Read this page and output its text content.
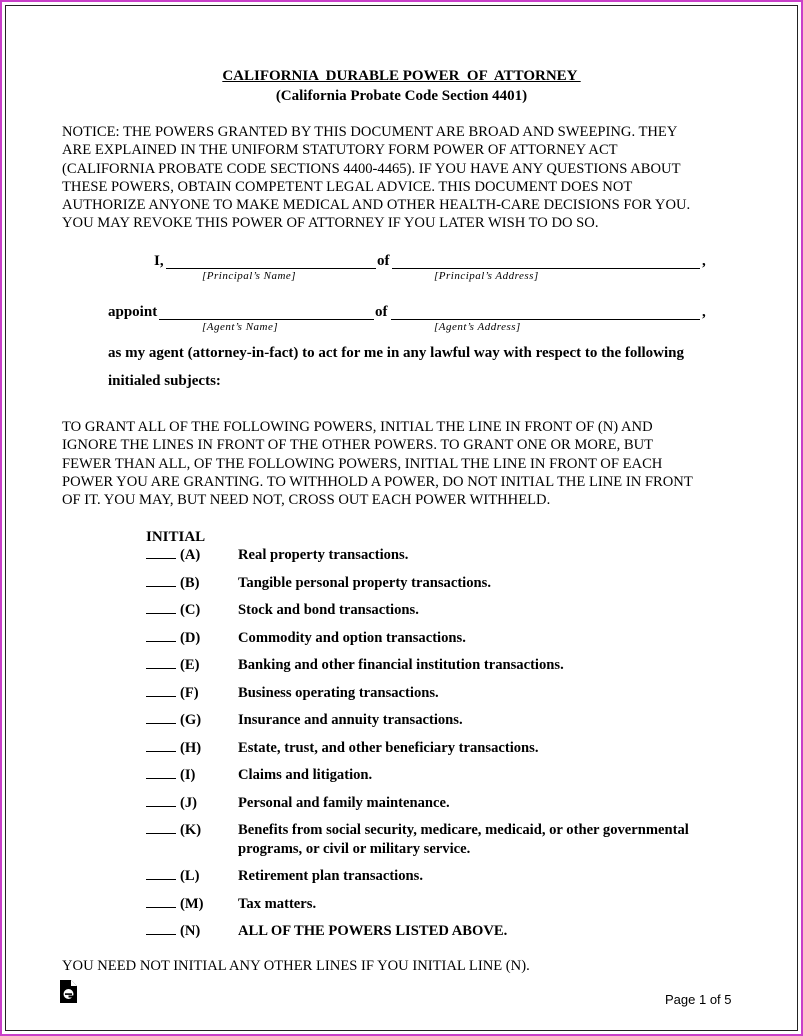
CALIFORNIA  DURABLE POWER  OF  ATTORNEY
(California Probate Code Section 4401)
NOTICE: THE POWERS GRANTED BY THIS DOCUMENT ARE BROAD AND SWEEPING. THEY
ARE EXPLAINED IN THE UNIFORM STATUTORY FORM POWER OF ATTORNEY ACT
(CALIFORNIA PROBATE CODE SECTIONS 4400-4465). IF YOU HAVE ANY QUESTIONS ABOUT
THESE POWERS, OBTAIN COMPETENT LEGAL ADVICE. THIS DOCUMENT DOES NOT
AUTHORIZE ANYONE TO MAKE MEDICAL AND OTHER HEALTH-CARE DECISIONS FOR YOU.
YOU MAY REVOKE THIS POWER OF ATTORNEY IF YOU LATER WISH TO DO SO.
I,	of	,
[Principal’s Name]	[Principal’s Address]
appoint	of	,
[Agent’s Name]	[Agent’s Address]
as my agent (attorney-in-fact) to act for me in any lawful way with respect to the following
initialed subjects:
TO GRANT ALL OF THE FOLLOWING POWERS, INITIAL THE LINE IN FRONT OF (N) AND
IGNORE THE LINES IN FRONT OF THE OTHER POWERS. TO GRANT ONE OR MORE, BUT
FEWER THAN ALL, OF THE FOLLOWING POWERS, INITIAL THE LINE IN FRONT OF EACH
POWER YOU ARE GRANTING. TO WITHHOLD A POWER, DO NOT INITIAL THE LINE IN FRONT
OF IT. YOU MAY, BUT NEED NOT, CROSS OUT EACH POWER WITHHELD.
INITIAL
(A)	Real property transactions.
(B)	Tangible personal property transactions.
(C)	Stock and bond transactions.
(D)	Commodity and option transactions.
(E)	Banking and other financial institution transactions.
(F)	Business operating transactions.
(G)	Insurance and annuity transactions.
(H)	Estate, trust, and other beneficiary transactions.
(I)	Claims and litigation.
(J)	Personal and family maintenance.
(K)	Benefits from social security, medicare, medicaid, or other governmental
programs, or civil or military service.
(L)	Retirement plan transactions.
(M) Tax matters.
(N)	ALL OF THE POWERS LISTED ABOVE.
YOU NEED NOT INITIAL ANY OTHER LINES IF YOU INITIAL LINE (N).
Page 1 of 5
